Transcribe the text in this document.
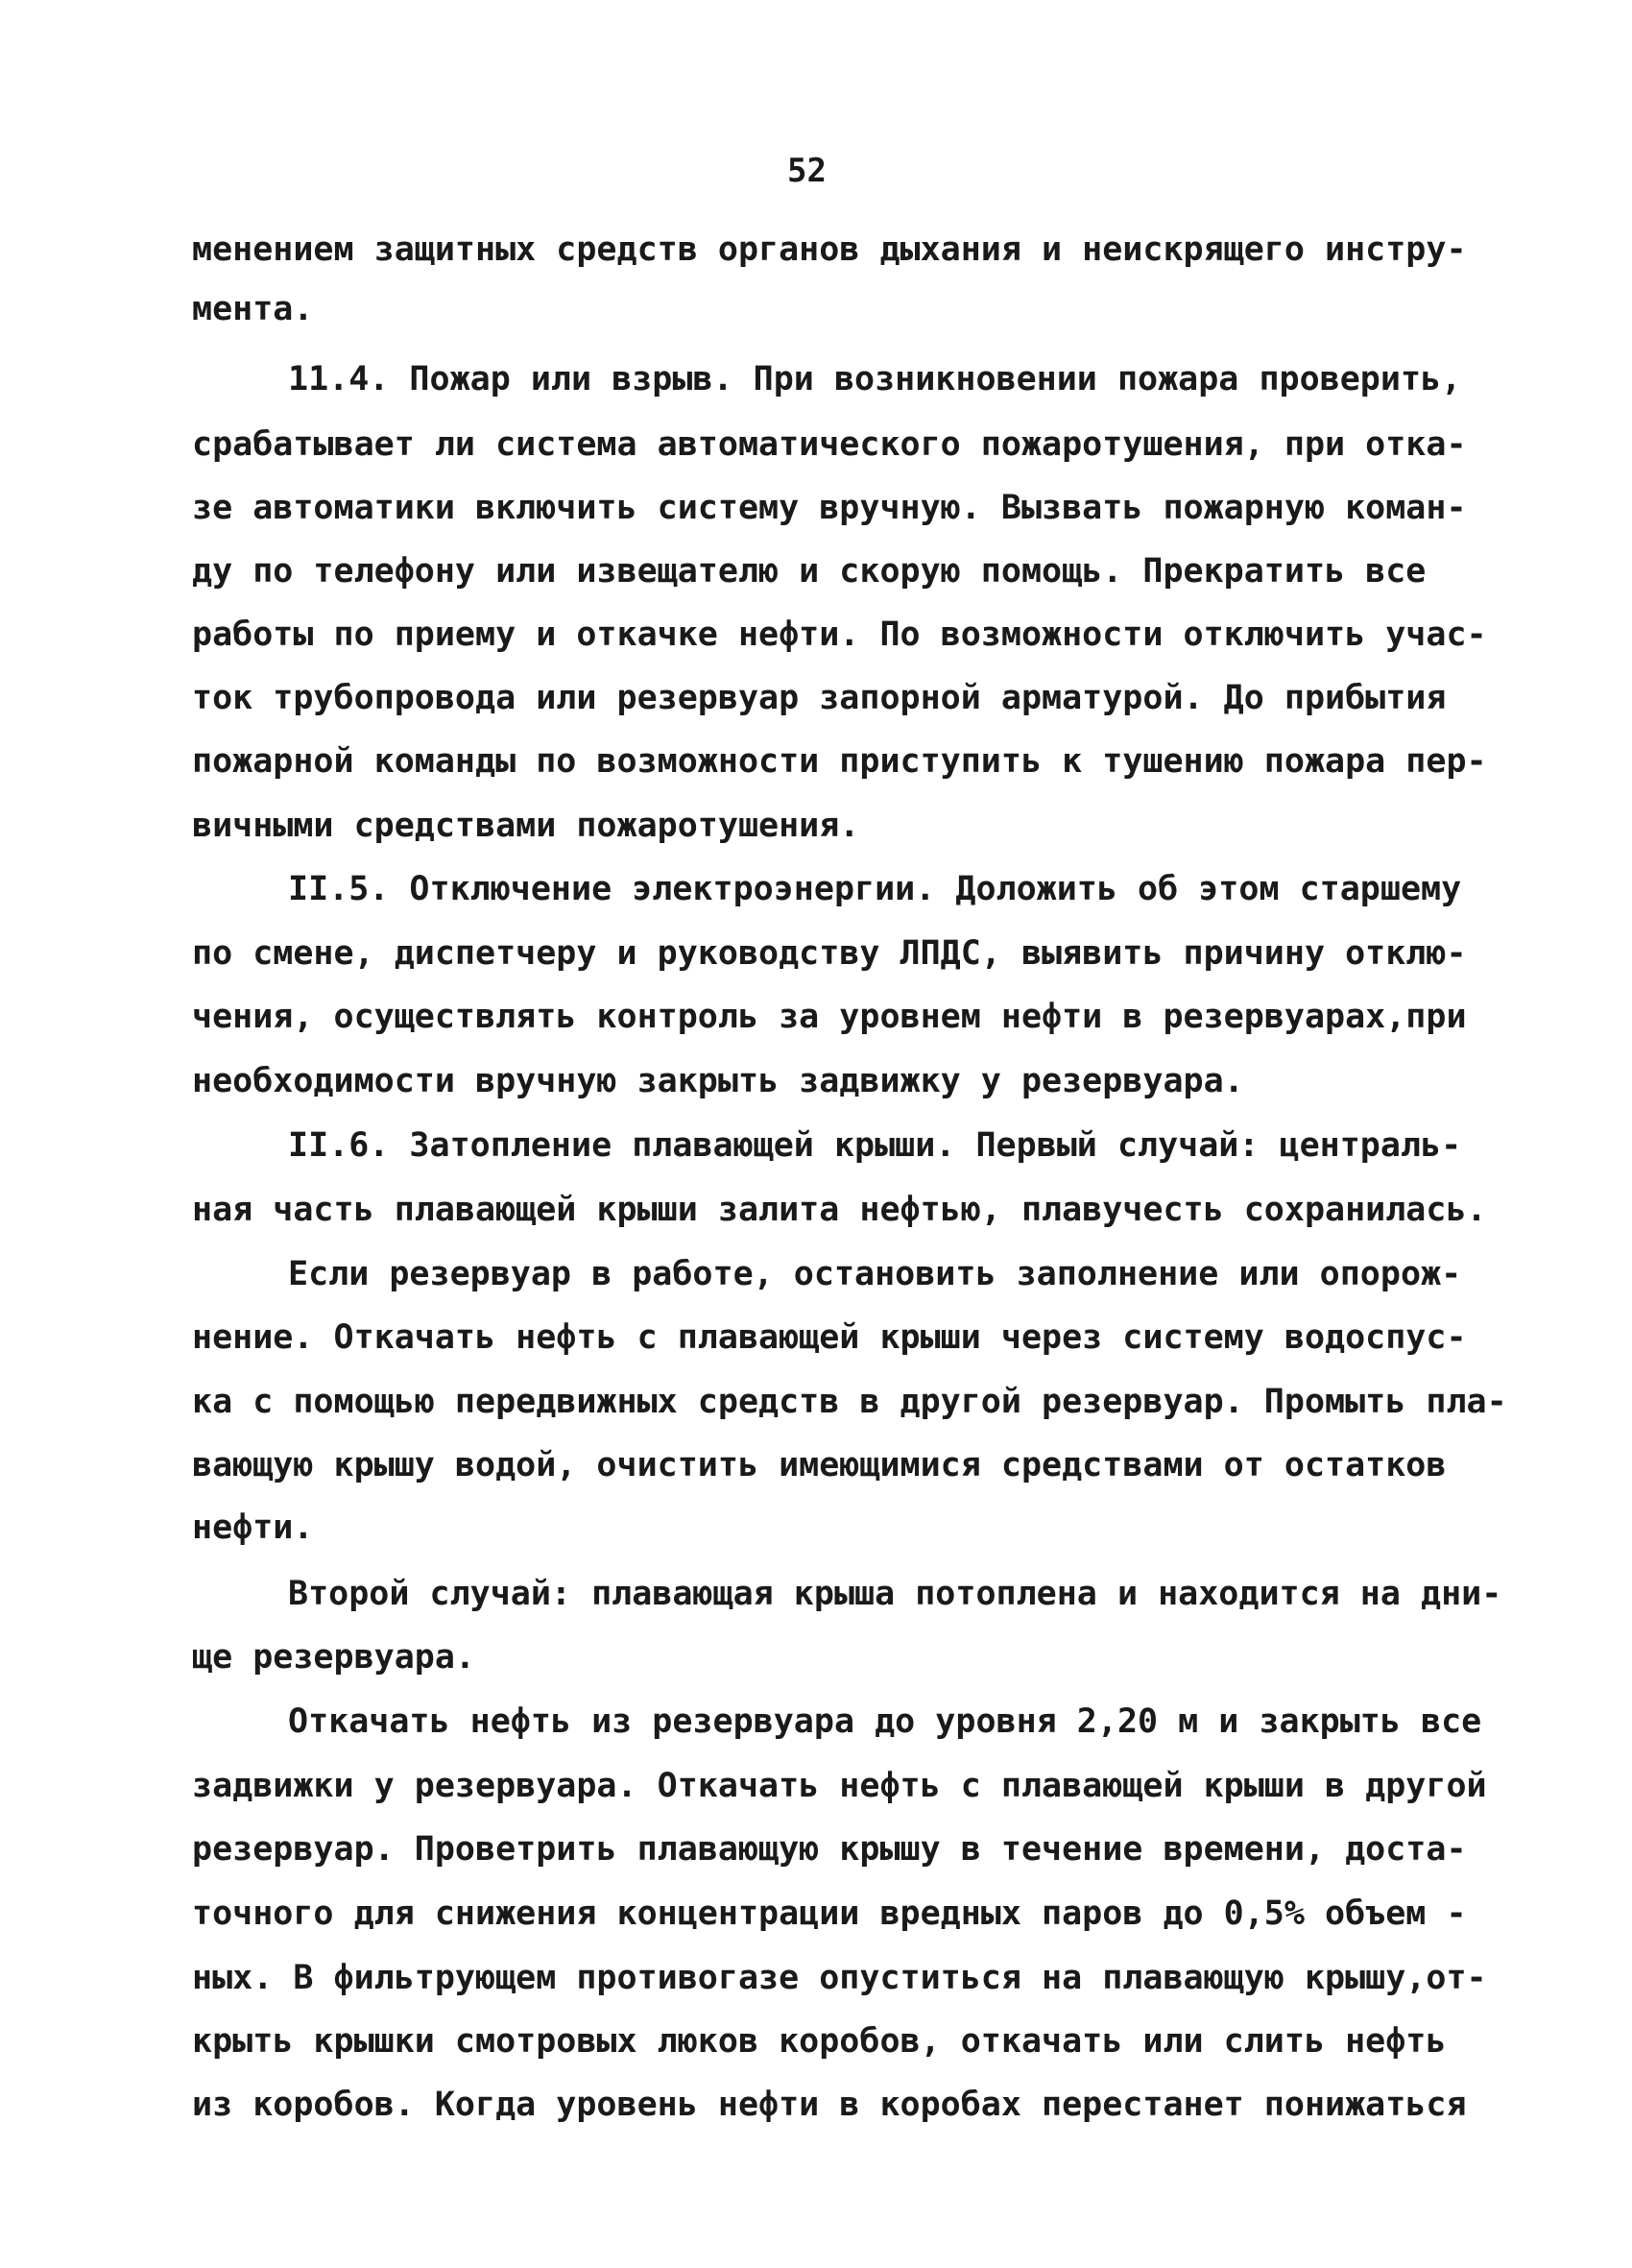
52
менением защитных средств органов дыхания и неискрящего инстру-
мента.
11.4. Пожар или взрыв. При возникновении пожара проверить,
срабатывает ли система автоматического пожаротушения, при отка-
зе автоматики включить систему вручную. Вызвать пожарную коман-
ду по телефону или извещателю и скорую помощь. Прекратить все
работы по приему и откачке нефти. По возможности отключить учас-
ток трубопровода или резервуар запорной арматурой. До прибытия
пожарной команды по возможности приступить к тушению пожара пер-
вичными средствами пожаротушения.
II.5. Отключение электроэнергии. Доложить об этом старшему
по смене, диспетчеру и руководству ЛПДС, выявить причину отклю-
чения, осуществлять контроль за уровнем нефти в резервуарах,при
необходимости вручную закрыть задвижку у резервуара.
II.6. Затопление плавающей крыши. Первый случай: централь-
ная часть плавающей крыши залита нефтью, плавучесть сохранилась.
Если резервуар в работе, остановить заполнение или опорож-
нение. Откачать нефть с плавающей крыши через систему водоспус-
ка с помощью передвижных средств в другой резервуар. Промыть пла-
вающую крышу водой, очистить имеющимися средствами от остатков
нефти.
Второй случай: плавающая крыша потоплена и находится на дни-
ще резервуара.
Откачать нефть из резервуара до уровня 2,20 м и закрыть все
задвижки у резервуара. Откачать нефть с плавающей крыши в другой
резервуар. Проветрить плавающую крышу в течение времени, доста-
точного для снижения концентрации вредных паров до 0,5% объем -
ных. В фильтрующем противогазе опуститься на плавающую крышу,от-
крыть крышки смотровых люков коробов, откачать или слить нефть
из коробов. Когда уровень нефти в коробах перестанет понижаться
